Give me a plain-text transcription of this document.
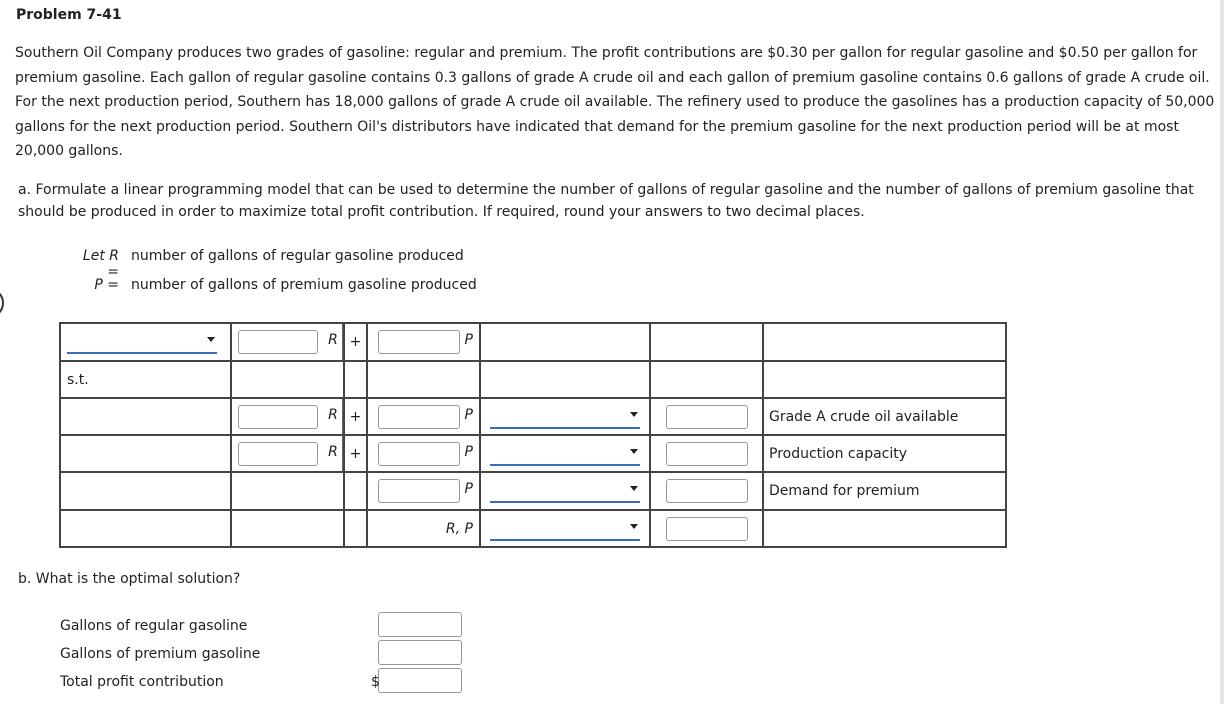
Problem 7-41
Southern Oil Company produces two grades of gasoline: regular and premium. The profit contributions are $0.30 per gallon for regular gasoline and $0.50 per gallon for premium gasoline. Each gallon of regular gasoline contains 0.3 gallons of grade A crude oil and each gallon of premium gasoline contains 0.6 gallons of grade A crude oil. For the next production period, Southern has 18,000 gallons of grade A crude oil available. The refinery used to produce the gasolines has a production capacity of 50,000 gallons for the next production period. Southern Oil's distributors have indicated that demand for the premium gasoline for the next production period will be at most 20,000 gallons.
a. Formulate a linear programming model that can be used to determine the number of gallons of regular gasoline and the number of gallons of premium gasoline that should be produced in order to maximize total profit contribution. If required, round your answers to two decimal places.
Let R =
number of gallons of regular gasoline produced
P = number of gallons of premium gasoline produced

	R	+	P			

s.t.						

	R	+	P			Grade A crude oil available

	R	+	P			Production capacity

			P			Demand for premium
			R, P	

b. What is the optimal solution?
Gallons of regular gasoline
Gallons of premium gasoline
Total profit contribution	$
